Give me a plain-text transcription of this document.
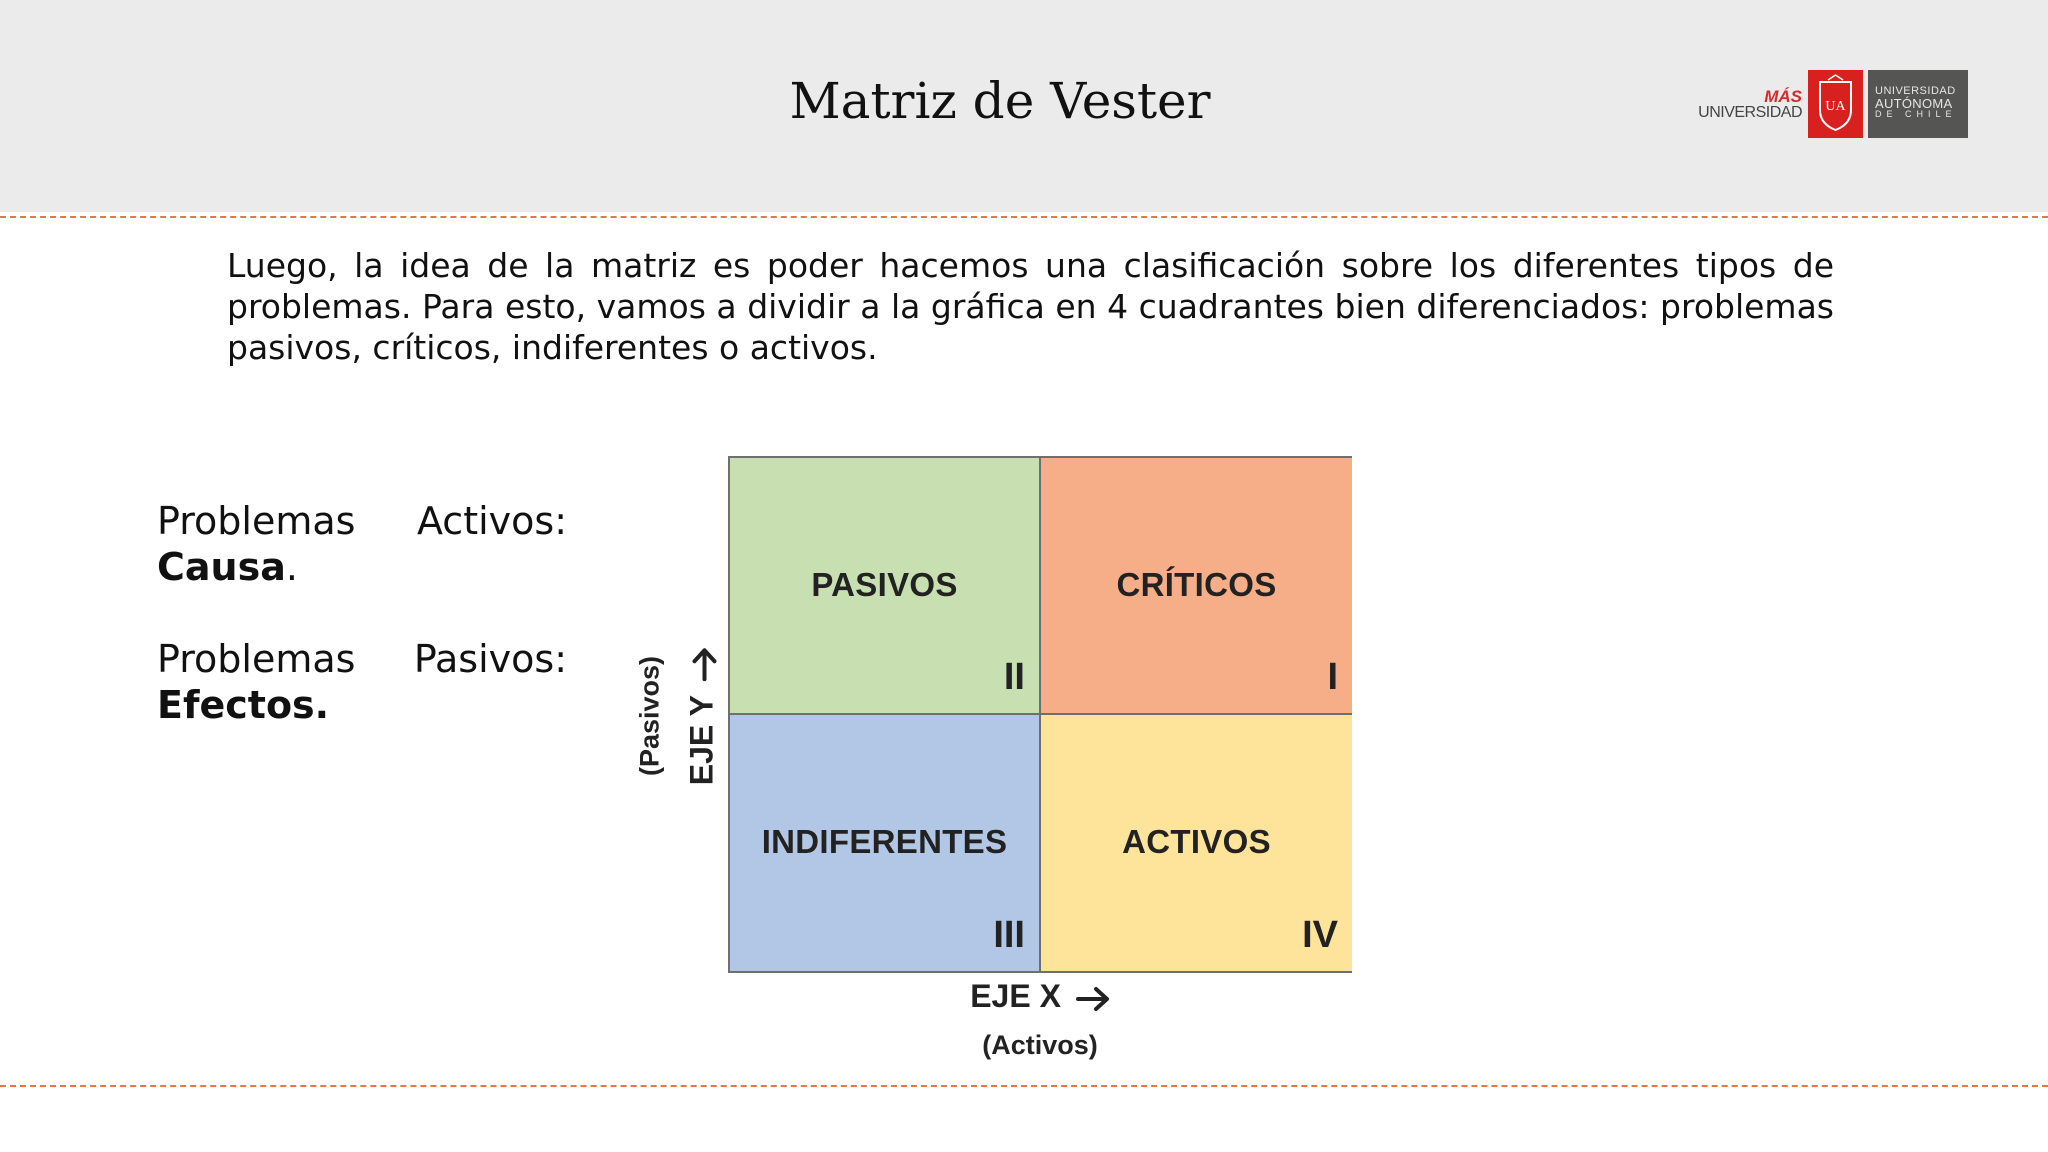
Matriz de Vester	MÁS
UNIVERSIDAD UA
UNIVERSIDAD
AUTÓNOMA
DE CHILE

Luego, la idea de la matriz es poder hacemos una clasificación sobre los diferentes tipos de problemas. Para esto, vamos a dividir a la gráfica en 4 cuadrantes bien diferenciados: problemas pasivos, críticos, indiferentes o activos.

Problemas Activos:
Causa.
Problemas Pasivos:
Efectos.
PASIVOS
II
CRÍTICOS
I
INDIFERENTES
III
ACTIVOS
IV
EJE X
(Activos)
EJE Y
(Pasivos)
